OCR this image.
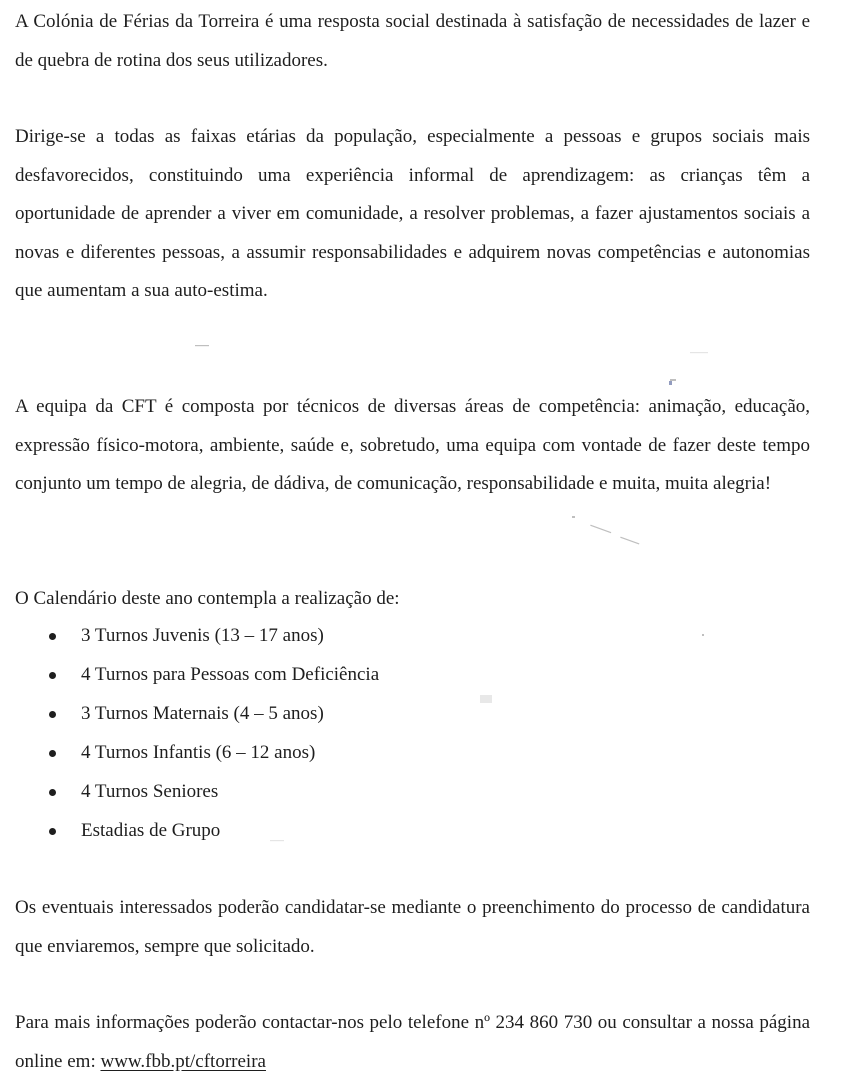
A Colónia de Férias da Torreira é uma resposta social destinada à satisfação de necessidades de lazer e de quebra de rotina dos seus utilizadores.

Dirige-se a todas as faixas etárias da população, especialmente a pessoas e grupos sociais mais desfavorecidos, constituindo uma experiência informal de aprendizagem: as crianças têm a oportunidade de aprender a viver em comunidade, a resolver problemas, a fazer ajustamentos sociais a novas e diferentes pessoas, a assumir responsabilidades e adquirem novas competências e autonomias que aumentam a sua auto-estima.

A equipa da CFT é composta por técnicos de diversas áreas de competência: animação, educação, expressão físico-motora, ambiente, saúde e, sobretudo, uma equipa com vontade de fazer deste tempo conjunto um tempo de alegria, de dádiva, de comunicação, responsabilidade e muita, muita alegria!

O Calendário deste ano contempla a realização de:

3 Turnos Juvenis (13 – 17 anos)
4 Turnos para Pessoas com Deficiência
3 Turnos Maternais (4 – 5 anos)
4 Turnos Infantis (6 – 12 anos)
4 Turnos Seniores
Estadias de Grupo

Os eventuais interessados poderão candidatar-se mediante o preenchimento do processo de candidatura que enviaremos, sempre que solicitado.

Para mais informações poderão contactar-nos pelo telefone nº 234 860 730 ou consultar a nossa página online em: www.fbb.pt/cftorreira
